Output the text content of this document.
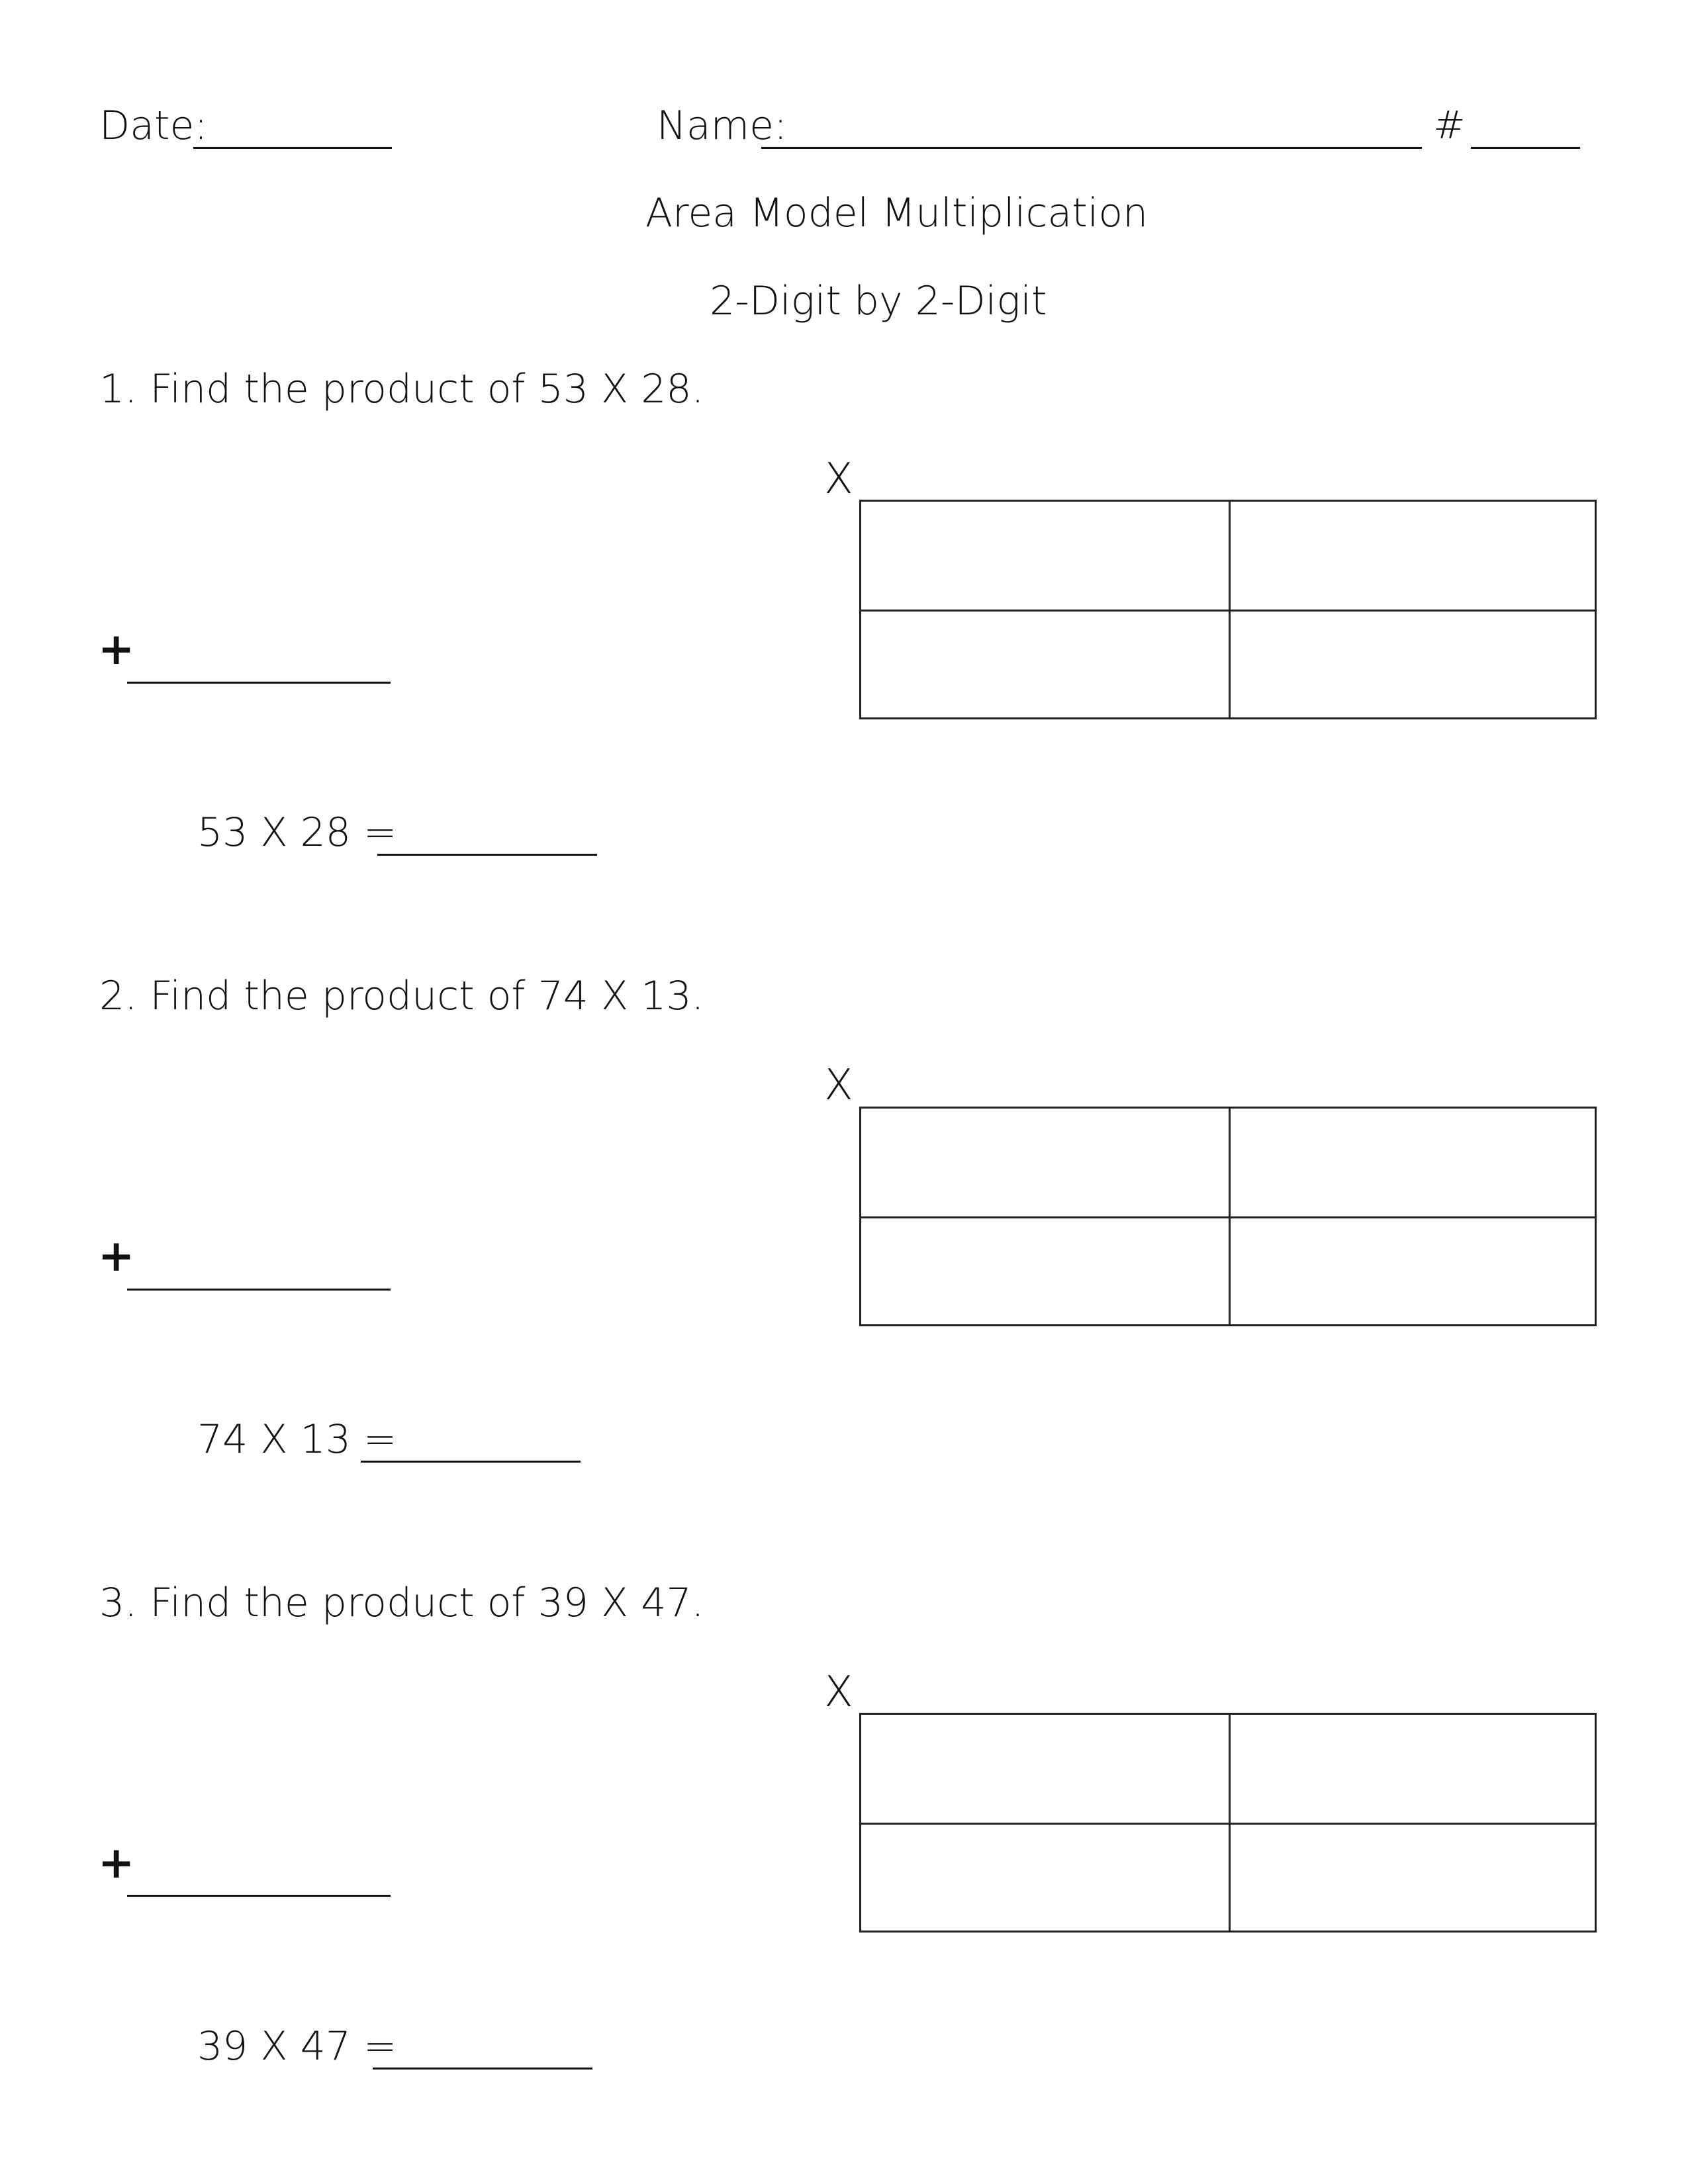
Date:	Name:	#
Area Model Multiplication
2-Digit by 2-Digit
1. Find the product of 53 X 28.
X
+
53 X 28 =
2. Find the product of 74 X 13.
X
+
74 X 13 =
3. Find the product of 39 X 47.
X
+
39 X 47 =
